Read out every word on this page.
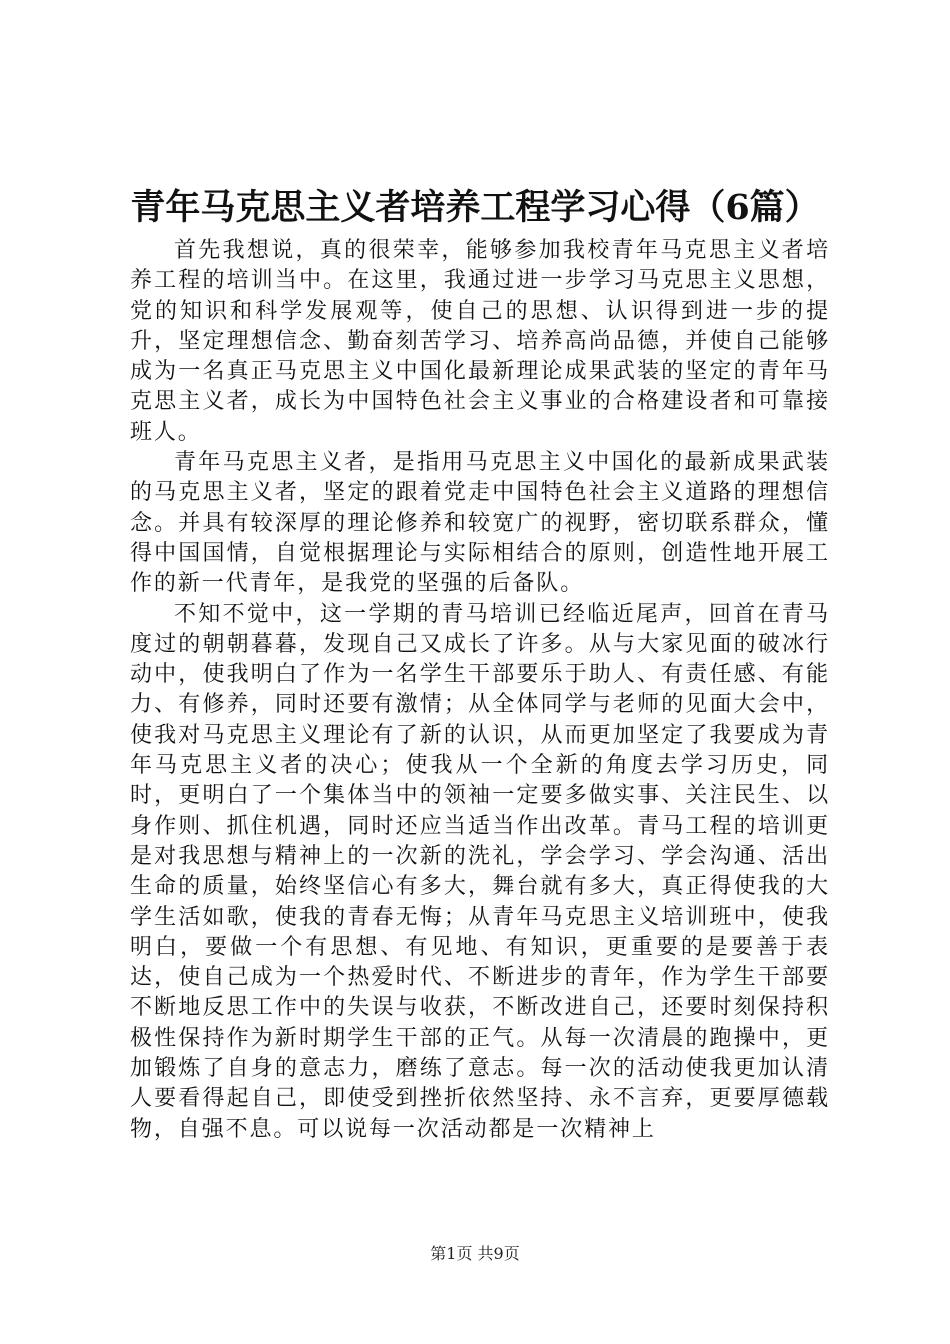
青年马克思主义者培养工程学习心得（6篇）

首先我想说，真的很荣幸，能够参加我校青年马克思主义者培养工程的培训当中。在这里，我通过进一步学习马克思主义思想，党的知识和科学发展观等，使自己的思想、认识得到进一步的提升，坚定理想信念、勤奋刻苦学习、培养高尚品德，并使自己能够成为一名真正马克思主义中国化最新理论成果武装的坚定的青年马克思主义者，成长为中国特色社会主义事业的合格建设者和可靠接班人。

青年马克思主义者，是指用马克思主义中国化的最新成果武装的马克思主义者，坚定的跟着党走中国特色社会主义道路的理想信念。并具有较深厚的理论修养和较宽广的视野，密切联系群众，懂得中国国情，自觉根据理论与实际相结合的原则，创造性地开展工作的新一代青年，是我党的坚强的后备队。

不知不觉中，这一学期的青马培训已经临近尾声，回首在青马度过的朝朝暮暮，发现自己又成长了许多。从与大家见面的破冰行动中，使我明白了作为一名学生干部要乐于助人、有责任感、有能力、有修养，同时还要有激情；从全体同学与老师的见面大会中，使我对马克思主义理论有了新的认识，从而更加坚定了我要成为青年马克思主义者的决心；使我从一个全新的角度去学习历史，同时，更明白了一个集体当中的领袖一定要多做实事、关注民生、以身作则、抓住机遇，同时还应当适当作出改革。青马工程的培训更是对我思想与精神上的一次新的洗礼，学会学习、学会沟通、活出生命的质量，始终坚信心有多大，舞台就有多大，真正得使我的大学生活如歌，使我的青春无悔；从青年马克思主义培训班中，使我明白，要做一个有思想、有见地、有知识，更重要的是要善于表达，使自己成为一个热爱时代、不断进步的青年，作为学生干部要不断地反思工作中的失误与收获，不断改进自己，还要时刻保持积极性保持作为新时期学生干部的正气。从每一次清晨的跑操中，更加锻炼了自身的意志力，磨练了意志。每一次的活动使我更加认清人要看得起自己，即使受到挫折依然坚持、永不言弃，更要厚德载物，自强不息。可以说每一次活动都是一次精神上

第1页 共9页
